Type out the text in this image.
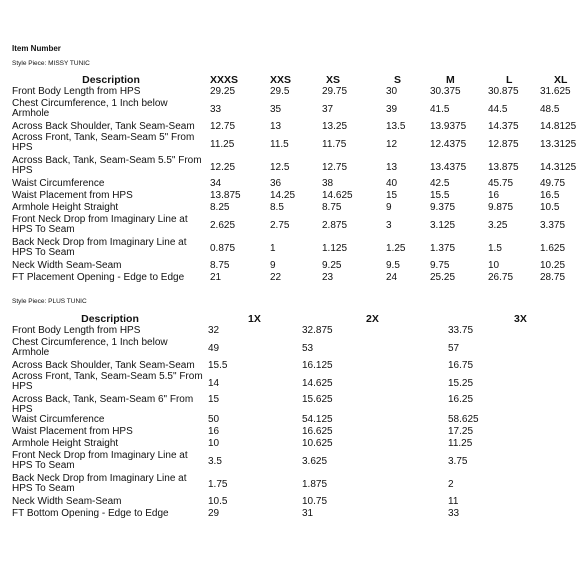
Item Number
Style Piece: MISSY TUNIC
Description	XXXS	XXS	XS	S	M	L	XL
Front Body Length from HPS	29.25	29.5	29.75	30	30.375	30.875	31.625
Chest Circumference, 1 Inch below Armhole	33	35	37	39	41.5	44.5	48.5
Across Back Shoulder, Tank Seam-Seam	12.75	13	13.25	13.5	13.9375	14.375	14.8125
Across Front, Tank, Seam-Seam 5" From HPS	11.25	11.5	11.75	12	12.4375	12.875	13.3125
Across Back, Tank, Seam-Seam 5.5" From HPS	12.25	12.5	12.75	13	13.4375	13.875	14.3125
Waist Circumference	34	36	38	40	42.5	45.75	49.75
Waist Placement from HPS	13.875	14.25	14.625	15	15.5	16	16.5
Armhole Height Straight	8.25	8.5	8.75	9	9.375	9.875	10.5
Front Neck Drop from Imaginary Line at HPS To Seam	2.625	2.75	2.875	3	3.125	3.25	3.375
Back Neck Drop from Imaginary Line at HPS To Seam	0.875	1	1.125	1.25	1.375	1.5	1.625
Neck Width Seam-Seam	8.75	9	9.25	9.5	9.75	10	10.25
FT Placement Opening - Edge to Edge	21	22	23	24	25.25	26.75	28.75
Style Piece: PLUS TUNIC
Description	1X	2X	3X
Front Body Length from HPS	32	32.875	33.75
Chest Circumference, 1 Inch below Armhole	49	53	57
Across Back Shoulder, Tank Seam-Seam	15.5	16.125	16.75
Across Front, Tank, Seam-Seam 5.5" From HPS	14	14.625	15.25
Across Back, Tank, Seam-Seam 6" From HPS	15	15.625	16.25
Waist Circumference	50	54.125	58.625
Waist Placement from HPS	16	16.625	17.25
Armhole Height Straight	10	10.625	11.25
Front Neck Drop from Imaginary Line at HPS To Seam	3.5	3.625	3.75
Back Neck Drop from Imaginary Line at HPS To Seam	1.75	1.875	2
Neck Width Seam-Seam	10.5	10.75	11
FT Bottom Opening - Edge to Edge	29	31	33
